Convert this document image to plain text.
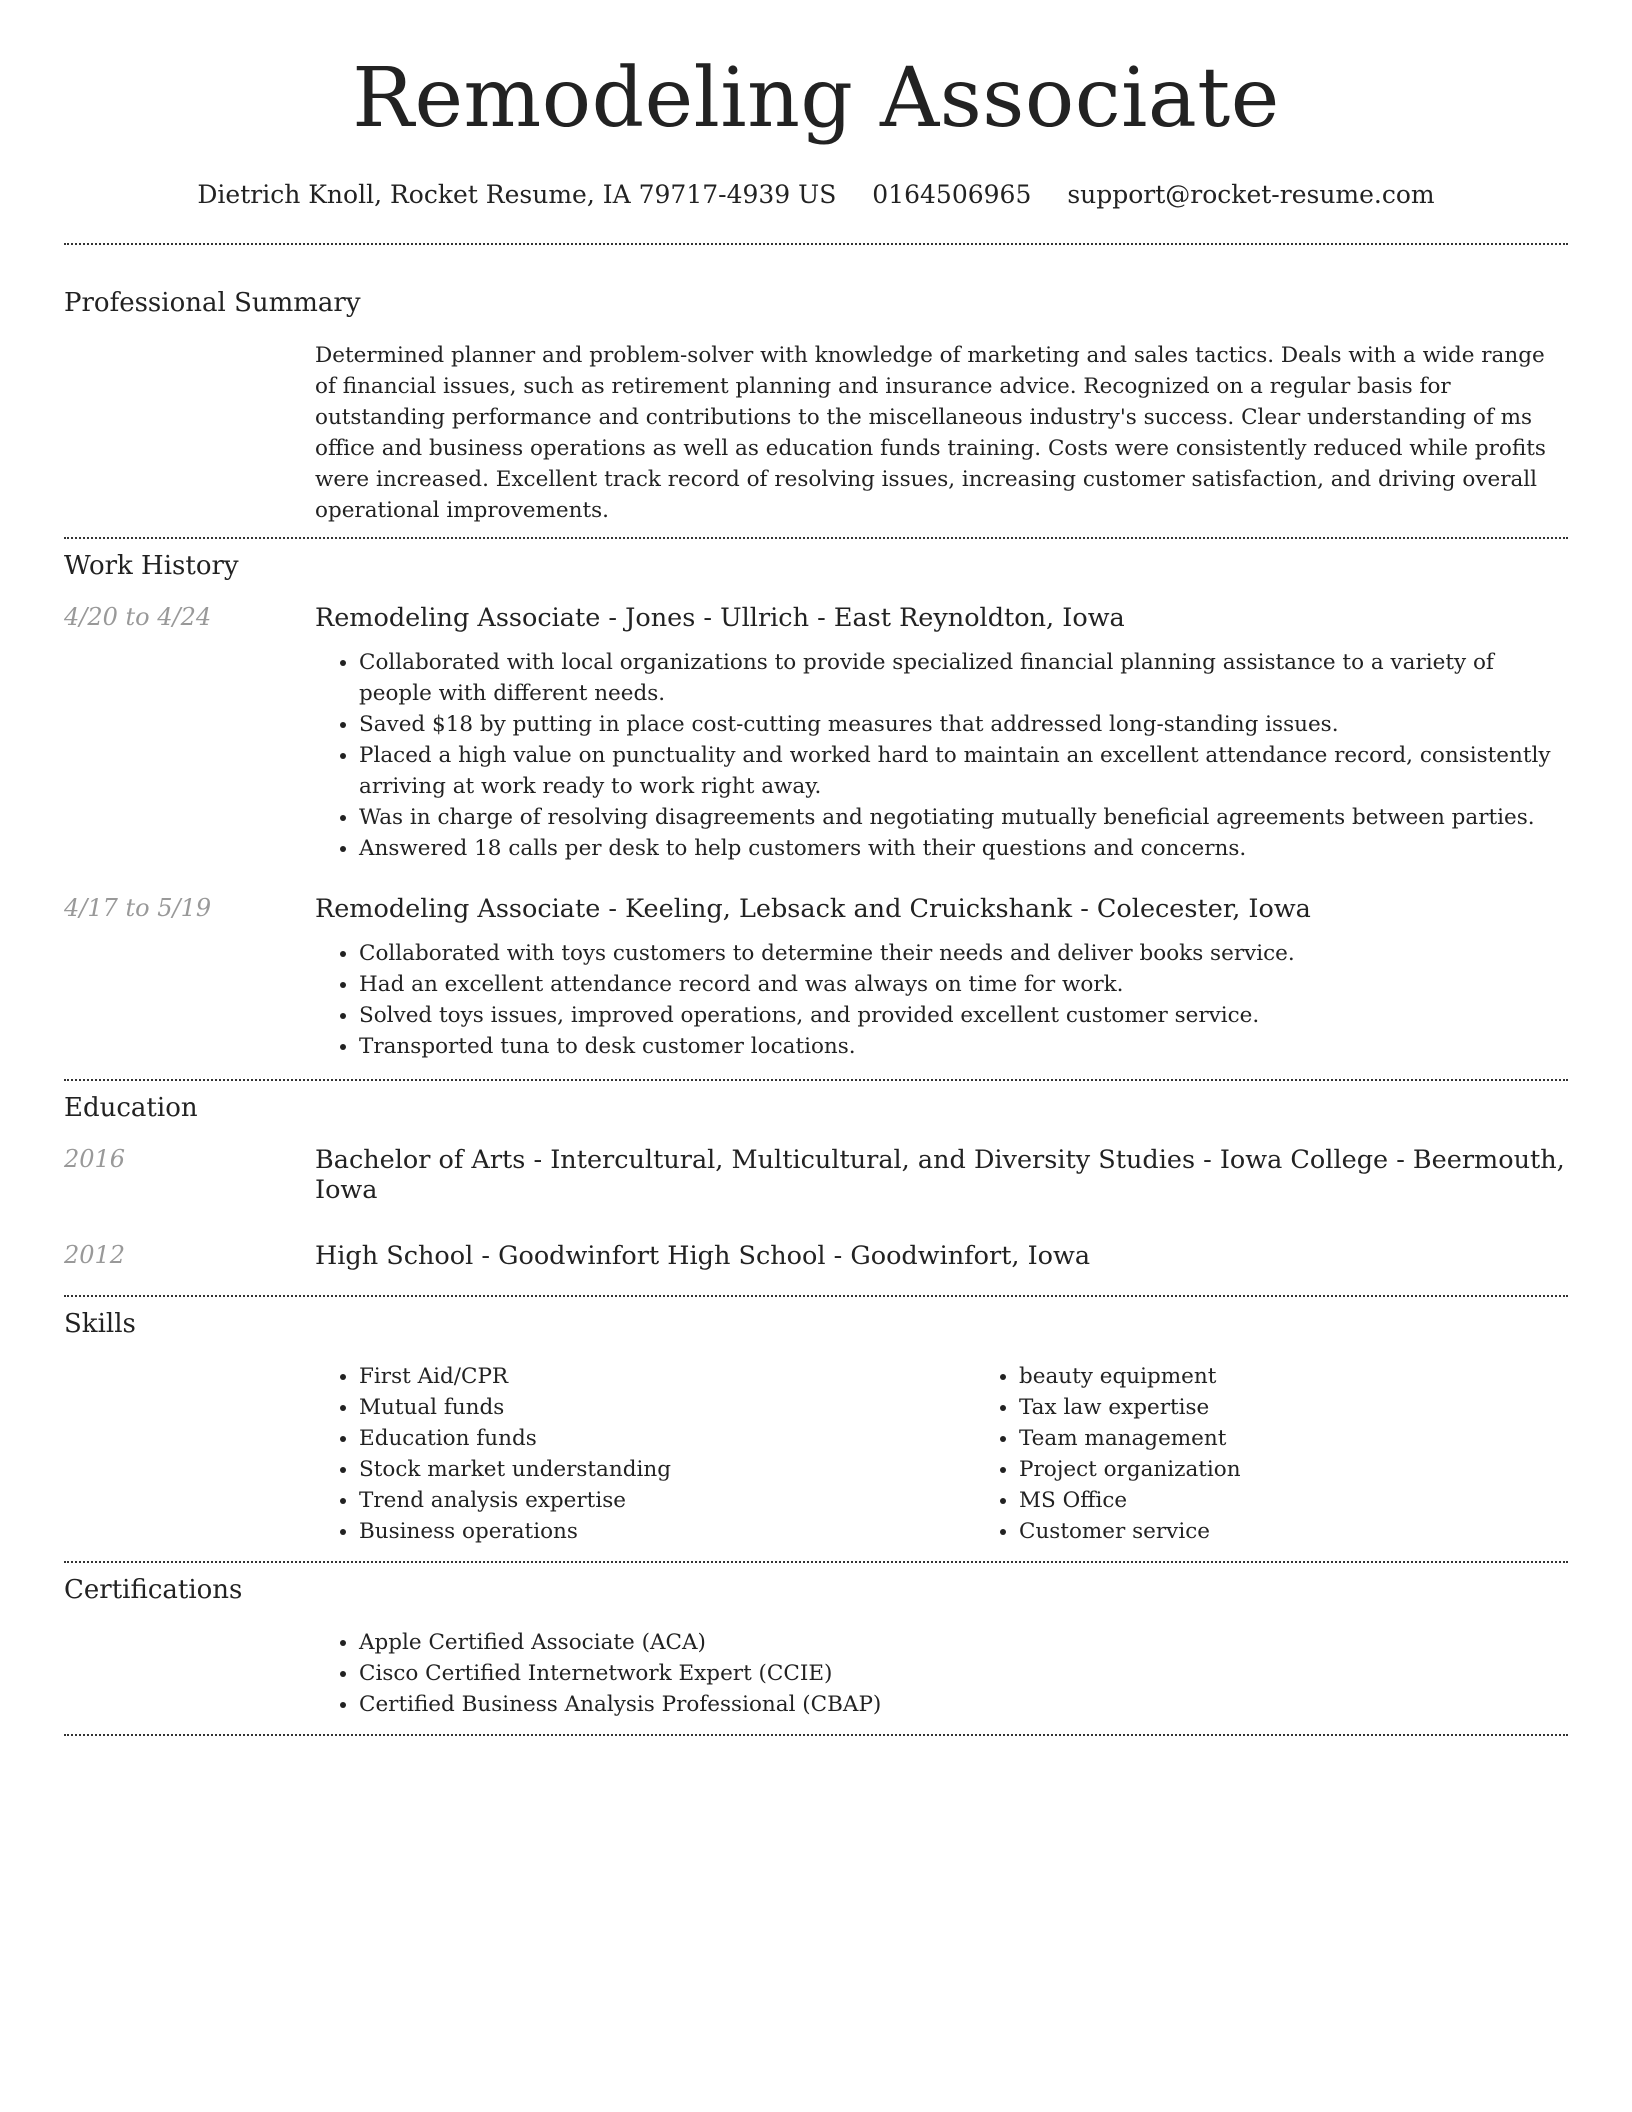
Remodeling Associate
Dietrich Knoll, Rocket Resume, IA 79717-4939 US 0164506965 support@rocket-resume.com
Professional Summary

Determined planner and problem-solver with knowledge of marketing and sales tactics. Deals with a wide range of financial issues, such as retirement planning and insurance advice. Recognized on a regular basis for outstanding performance and contributions to the miscellaneous industry's success. Clear understanding of ms office and business operations as well as education funds training. Costs were consistently reduced while profits were increased. Excellent track record of resolving issues, increasing customer satisfaction, and driving overall operational improvements.

Work History
4/20 to 4/24	Remodeling Associate - Jones - Ullrich - East Reynoldton, Iowa
• Collaborated with local organizations to provide specialized financial planning assistance to a variety of people with different needs.
• Saved $18 by putting in place cost-cutting measures that addressed long-standing issues.
• Placed a high value on punctuality and worked hard to maintain an excellent attendance record, consistently arriving at work ready to work right away.
• Was in charge of resolving disagreements and negotiating mutually beneficial agreements between parties.
• Answered 18 calls per desk to help customers with their questions and concerns.
4/17 to 5/19	Remodeling Associate - Keeling, Lebsack and Cruickshank - Colecester, Iowa
• Collaborated with toys customers to determine their needs and deliver books service.
• Had an excellent attendance record and was always on time for work.
• Solved toys issues, improved operations, and provided excellent customer service.
• Transported tuna to desk customer locations.
Education
2016	Bachelor of Arts - Intercultural, Multicultural, and Diversity Studies - Iowa College - Beermouth, Iowa
2012	High School - Goodwinfort High School - Goodwinfort, Iowa
Skills
• First Aid/CPR
• Mutual funds
• Education funds
• Stock market understanding
• Trend analysis expertise
• Business operations
• beauty equipment
• Tax law expertise
• Team management
• Project organization
• MS Office
• Customer service
Certifications
• Apple Certified Associate (ACA)
• Cisco Certified Internetwork Expert (CCIE)
• Certified Business Analysis Professional (CBAP)
